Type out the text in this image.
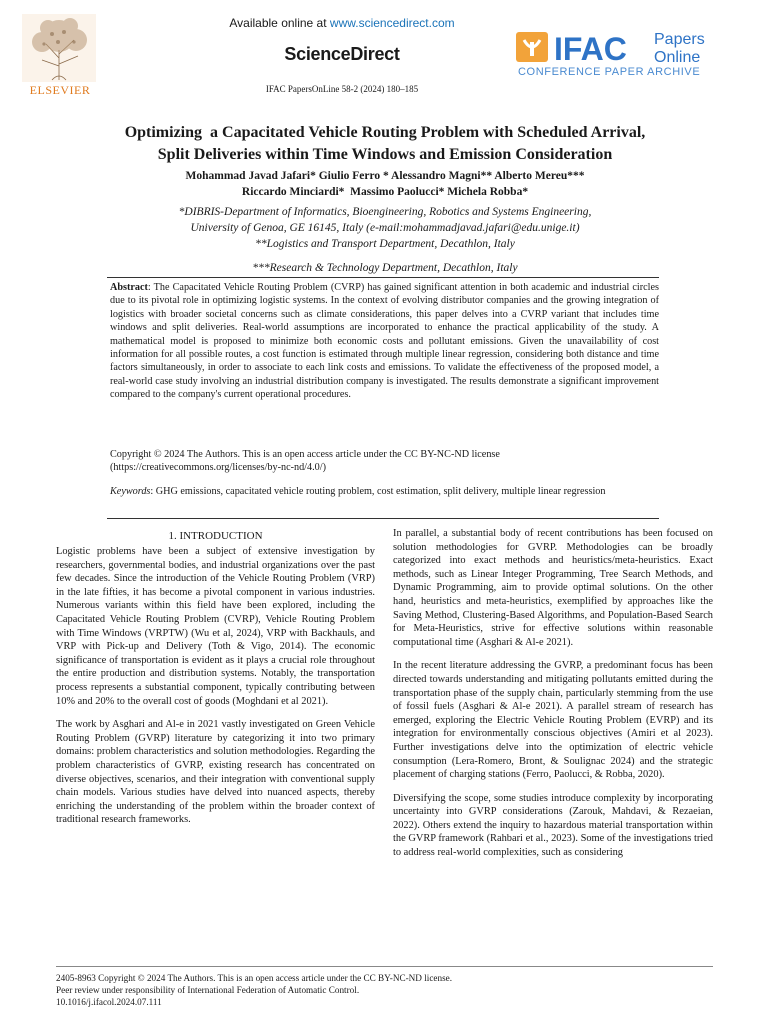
Available online at www.sciencedirect.com
ScienceDirect
IFAC PapersOnLine 58-2 (2024) 180–185
ELSEVIER
IFAC Papers
Online
CONFERENCE PAPER ARCHIVE
Optimizing  a Capacitated Vehicle Routing Problem with Scheduled Arrival,
Split Deliveries within Time Windows and Emission Consideration
Mohammad Javad Jafari* Giulio Ferro * Alessandro Magni** Alberto Mereu***
Riccardo Minciardi*  Massimo Paolucci* Michela Robba*
*DIBRIS-Department of Informatics, Bioengineering, Robotics and Systems Engineering,
University of Genoa, GE 16145, Italy (e-mail:mohammadjavad.jafari@edu.unige.it)
**Logistics and Transport Department, Decathlon, Italy
***Research & Technology Department, Decathlon, Italy
Abstract: The Capacitated Vehicle Routing Problem (CVRP) has gained significant attention in both academic and industrial circles due to its pivotal role in optimizing logistic systems. In the context of evolving distributor companies and the growing integration of logistics with broader societal concerns such as climate considerations, this paper delves into a CVRP variant that includes time windows and split deliveries. Real-world assumptions are incorporated to enhance the practical applicability of the study. A mathematical model is proposed to minimize both economic costs and pollutant emissions. Given the unavailability of cost information for all possible routes, a cost function is estimated through multiple linear regression, considering both distance and time factors simultaneously, in order to associate to each link costs and emissions. To validate the effectiveness of the proposed model, a real-world case study involving an industrial distribution company is investigated. The results demonstrate a significant improvement compared to the company's current operational procedures.
Copyright © 2024 The Authors. This is an open access article under the CC BY-NC-ND license
(https://creativecommons.org/licenses/by-nc-nd/4.0/)
Keywords: GHG emissions, capacitated vehicle routing problem, cost estimation, split delivery, multiple linear regression
1. INTRODUCTION

Logistic problems have been a subject of extensive investigation by researchers, governmental bodies, and industrial organizations over the past few decades. Since the introduction of the Vehicle Routing Problem (VRP) in the late fifties, it has become a pivotal component in various industries. Numerous variants within this field have been explored, including the Capacitated Vehicle Routing Problem (CVRP), Vehicle Routing Problem with Time Windows (VRPTW) (Wu et al, 2024), VRP with Backhauls, and VRP with Pick-up and Delivery (Toth & Vigo, 2014). The economic significance of transportation is evident as it plays a crucial role throughout the entire production and distribution systems. Notably, the transportation process represents a substantial component, typically contributing between 10% and 20% to the overall cost of goods (Moghdani et al 2021).

The work by Asghari and Al-e in 2021 vastly investigated on Green Vehicle Routing Problem (GVRP) literature by categorizing it into two primary domains: problem characteristics and solution methodologies. Regarding the problem characteristics of GVRP, existing research has concentrated on diverse objectives, scenarios, and their integration with conventional supply chain models. Various studies have delved into nuanced aspects, thereby enriching the understanding of the problem within the broader context of traditional research frameworks.

In parallel, a substantial body of recent contributions has been focused on solution methodologies for GVRP. Methodologies can be broadly categorized into exact methods and heuristics/meta-heuristics. Exact methods, such as Linear Integer Programming, Tree Search Methods, and Dynamic Programming, aim to provide optimal solutions. On the other hand, heuristics and meta-heuristics, exemplified by approaches like the Saving Method, Clustering-Based Algorithms, and Population-Based Search for Meta-Heuristics, strive for effective solutions within reasonable computational time (Asghari & Al-e 2021).

In the recent literature addressing the GVRP, a predominant focus has been directed towards understanding and mitigating pollutants emitted during the transportation phase of the supply chain, particularly stemming from the use of fossil fuels (Asghari & Al-e 2021). A parallel stream of research has emerged, exploring the Electric Vehicle Routing Problem (EVRP) and its integration for environmentally conscious objectives (Amiri et al 2023). Further investigations delve into the optimization of electric vehicle consumption (Lera-Romero, Bront, & Soulignac 2024) and the strategic placement of charging stations (Ferro, Paolucci, & Robba, 2020).

Diversifying the scope, some studies introduce complexity by incorporating uncertainty into GVRP considerations (Zarouk, Mahdavi, & Rezaeian, 2022). Others extend the inquiry to hazardous material transportation within the GVRP framework (Rahbari et al., 2023). Some of the investigations tried to address real-world complexities, such as considering

2405-8963 Copyright © 2024 The Authors. This is an open access article under the CC BY-NC-ND license.
Peer review under responsibility of International Federation of Automatic Control.
10.1016/j.ifacol.2024.07.111
